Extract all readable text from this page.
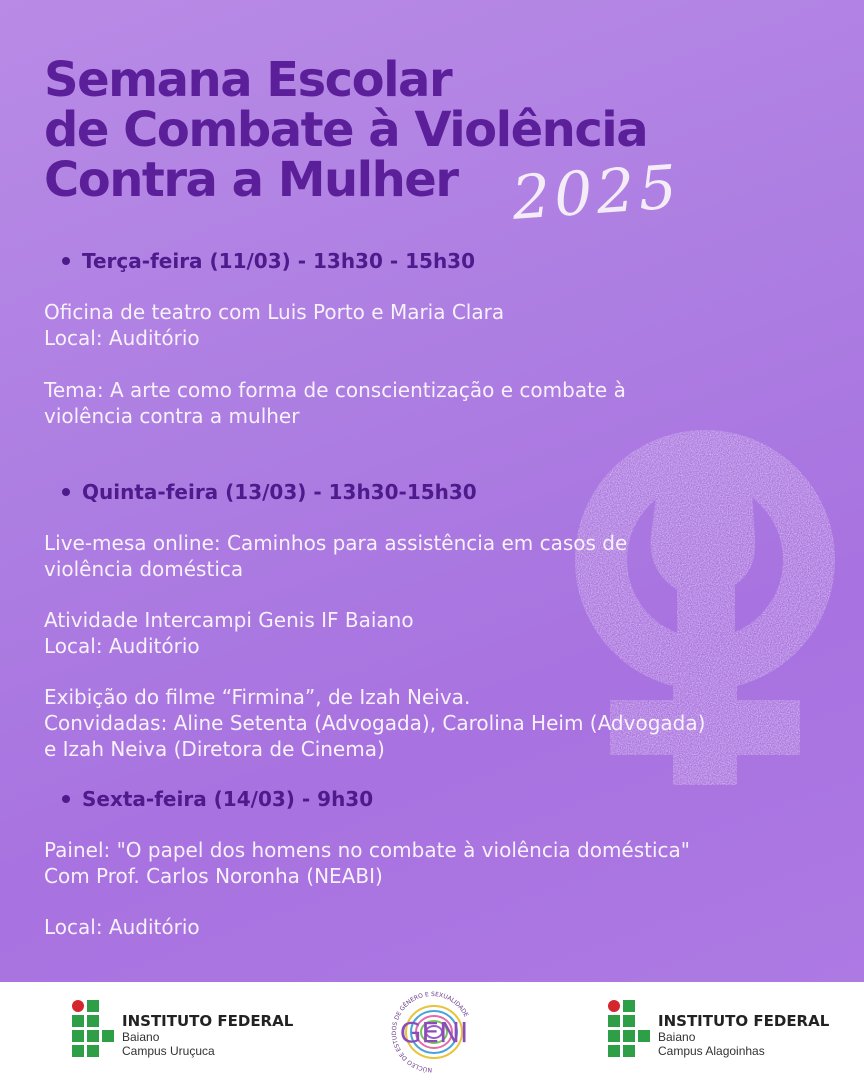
Semana Escolar
de Combate à Violência
Contra a Mulher 2025
Terça-feira (11/03) - 13h30 - 15h30
Oficina de teatro com Luis Porto e Maria Clara
Local: Auditório
Tema: A arte como forma de conscientização e combate à
violência contra a mulher
Quinta-feira (13/03) - 13h30-15h30
Live-mesa online: Caminhos para assistência em casos de
violência doméstica
Atividade Intercampi Genis IF Baiano
Local: Auditório
Exibição do filme “Firmina”, de Izah Neiva.
Convidadas: Aline Setenta (Advogada), Carolina Heim (Advogada)
e Izah Neiva (Diretora de Cinema)
Sexta-feira (14/03) - 9h30
Painel: "O papel dos homens no combate à violência doméstica"
Com Prof. Carlos Noronha (NEABI)
Local: Auditório
INSTITUTO FEDERAL
Baiano
Campus Uruçuca
NÚCLEO DE ESTUDOS DE GÊNERO E SEXUALIDADE
GENI	INSTITUTO FEDERAL
Baiano
Campus Alagoinhas
